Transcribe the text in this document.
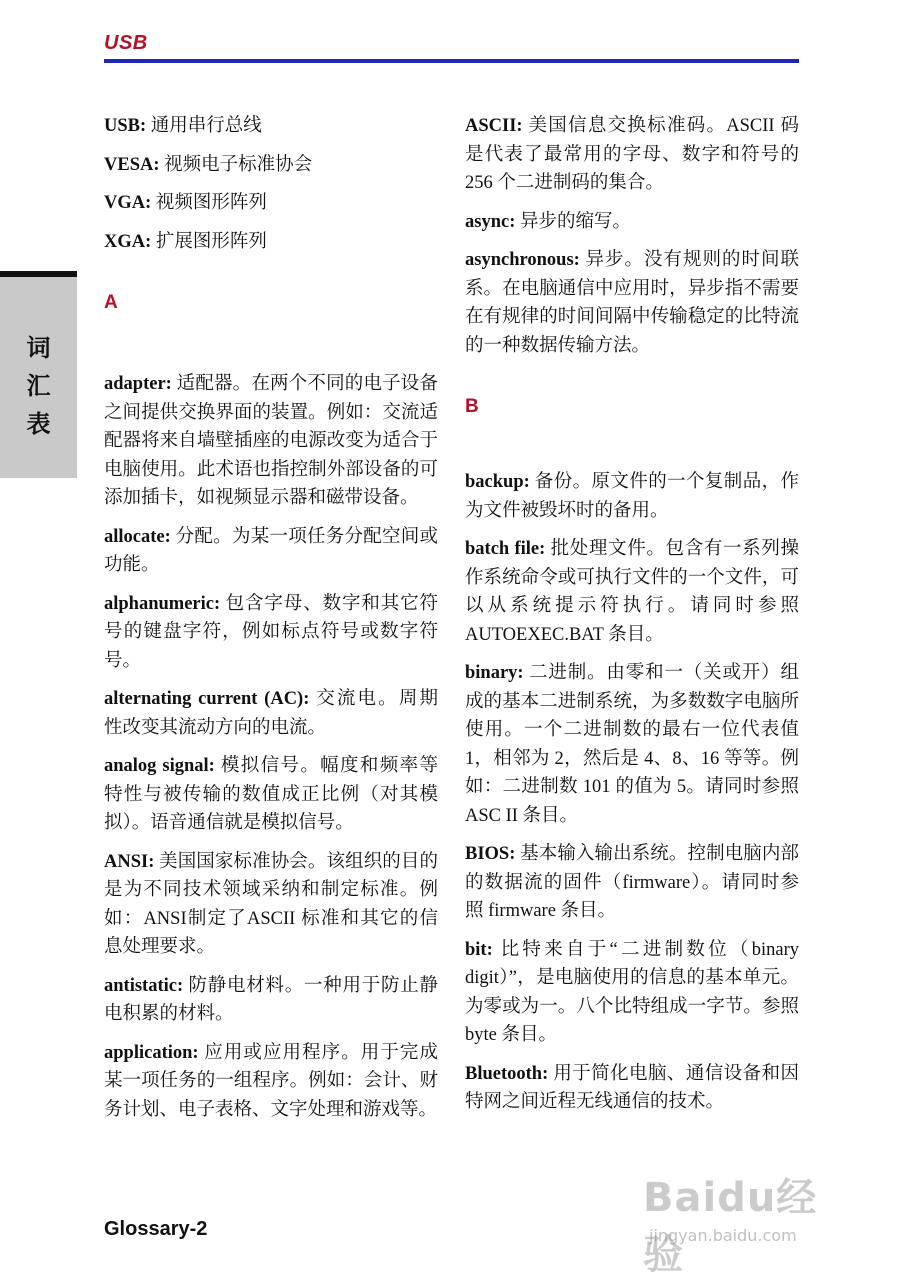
USB
词
汇
表

USB: 通用串行总线

VESA: 视频电子标准协会

VGA: 视频图形阵列

XGA: 扩展图形阵列

A

adapter: 适配器。在两个不同的电子设备之间提供交换界面的装置。例如：交流适配器将来自墙壁插座的电源改变为适合于电脑使用。此术语也指控制外部设备的可添加插卡，如视频显示器和磁带设备。

allocate: 分配。为某一项任务分配空间或功能。

alphanumeric: 包含字母、数字和其它符号的键盘字符，例如标点符号或数字符号。

alternating current (AC): 交流电。周期性改变其流动方向的电流。

analog signal: 模拟信号。幅度和频率等特性与被传输的数值成正比例（对其模拟）。语音通信就是模拟信号。

ANSI: 美国国家标准协会。该组织的目的是为不同技术领域采纳和制定标准。例如：ANSI制定了ASCII 标准和其它的信息处理要求。

antistatic: 防静电材料。一种用于防止静电积累的材料。

application: 应用或应用程序。用于完成某一项任务的一组程序。例如：会计、财务计划、电子表格、文字处理和游戏等。

ASCII: 美国信息交换标准码。ASCII 码是代表了最常用的字母、数字和符号的 256 个二进制码的集合。

async: 异步的缩写。

asynchronous: 异步。没有规则的时间联系。在电脑通信中应用时，异步指不需要在有规律的时间间隔中传输稳定的比特流的一种数据传输方法。

B

backup: 备份。原文件的一个复制品，作为文件被毁坏时的备用。

batch file: 批处理文件。包含有一系列操作系统命令或可执行文件的一个文件，可以从系统提示符执行。请同时参照 AUTOEXEC.BAT 条目。

binary: 二进制。由零和一（关或开）组成的基本二进制系统，为多数数字电脑所使用。一个二进制数的最右一位代表值 1，相邻为 2，然后是 4、8、16 等等。例如：二进制数 101 的值为 5。请同时参照 ASC II 条目。

BIOS: 基本输入输出系统。控制电脑内部的数据流的固件（firmware）。请同时参照 firmware 条目。

bit: 比特来自于“二进制数位（binary digit）”，是电脑使用的信息的基本单元。为零或为一。八个比特组成一字节。参照 byte 条目。

Bluetooth: 用于简化电脑、通信设备和因特网之间近程无线通信的技术。

Glossary-2
Baidu经验
jingyan.baidu.com
